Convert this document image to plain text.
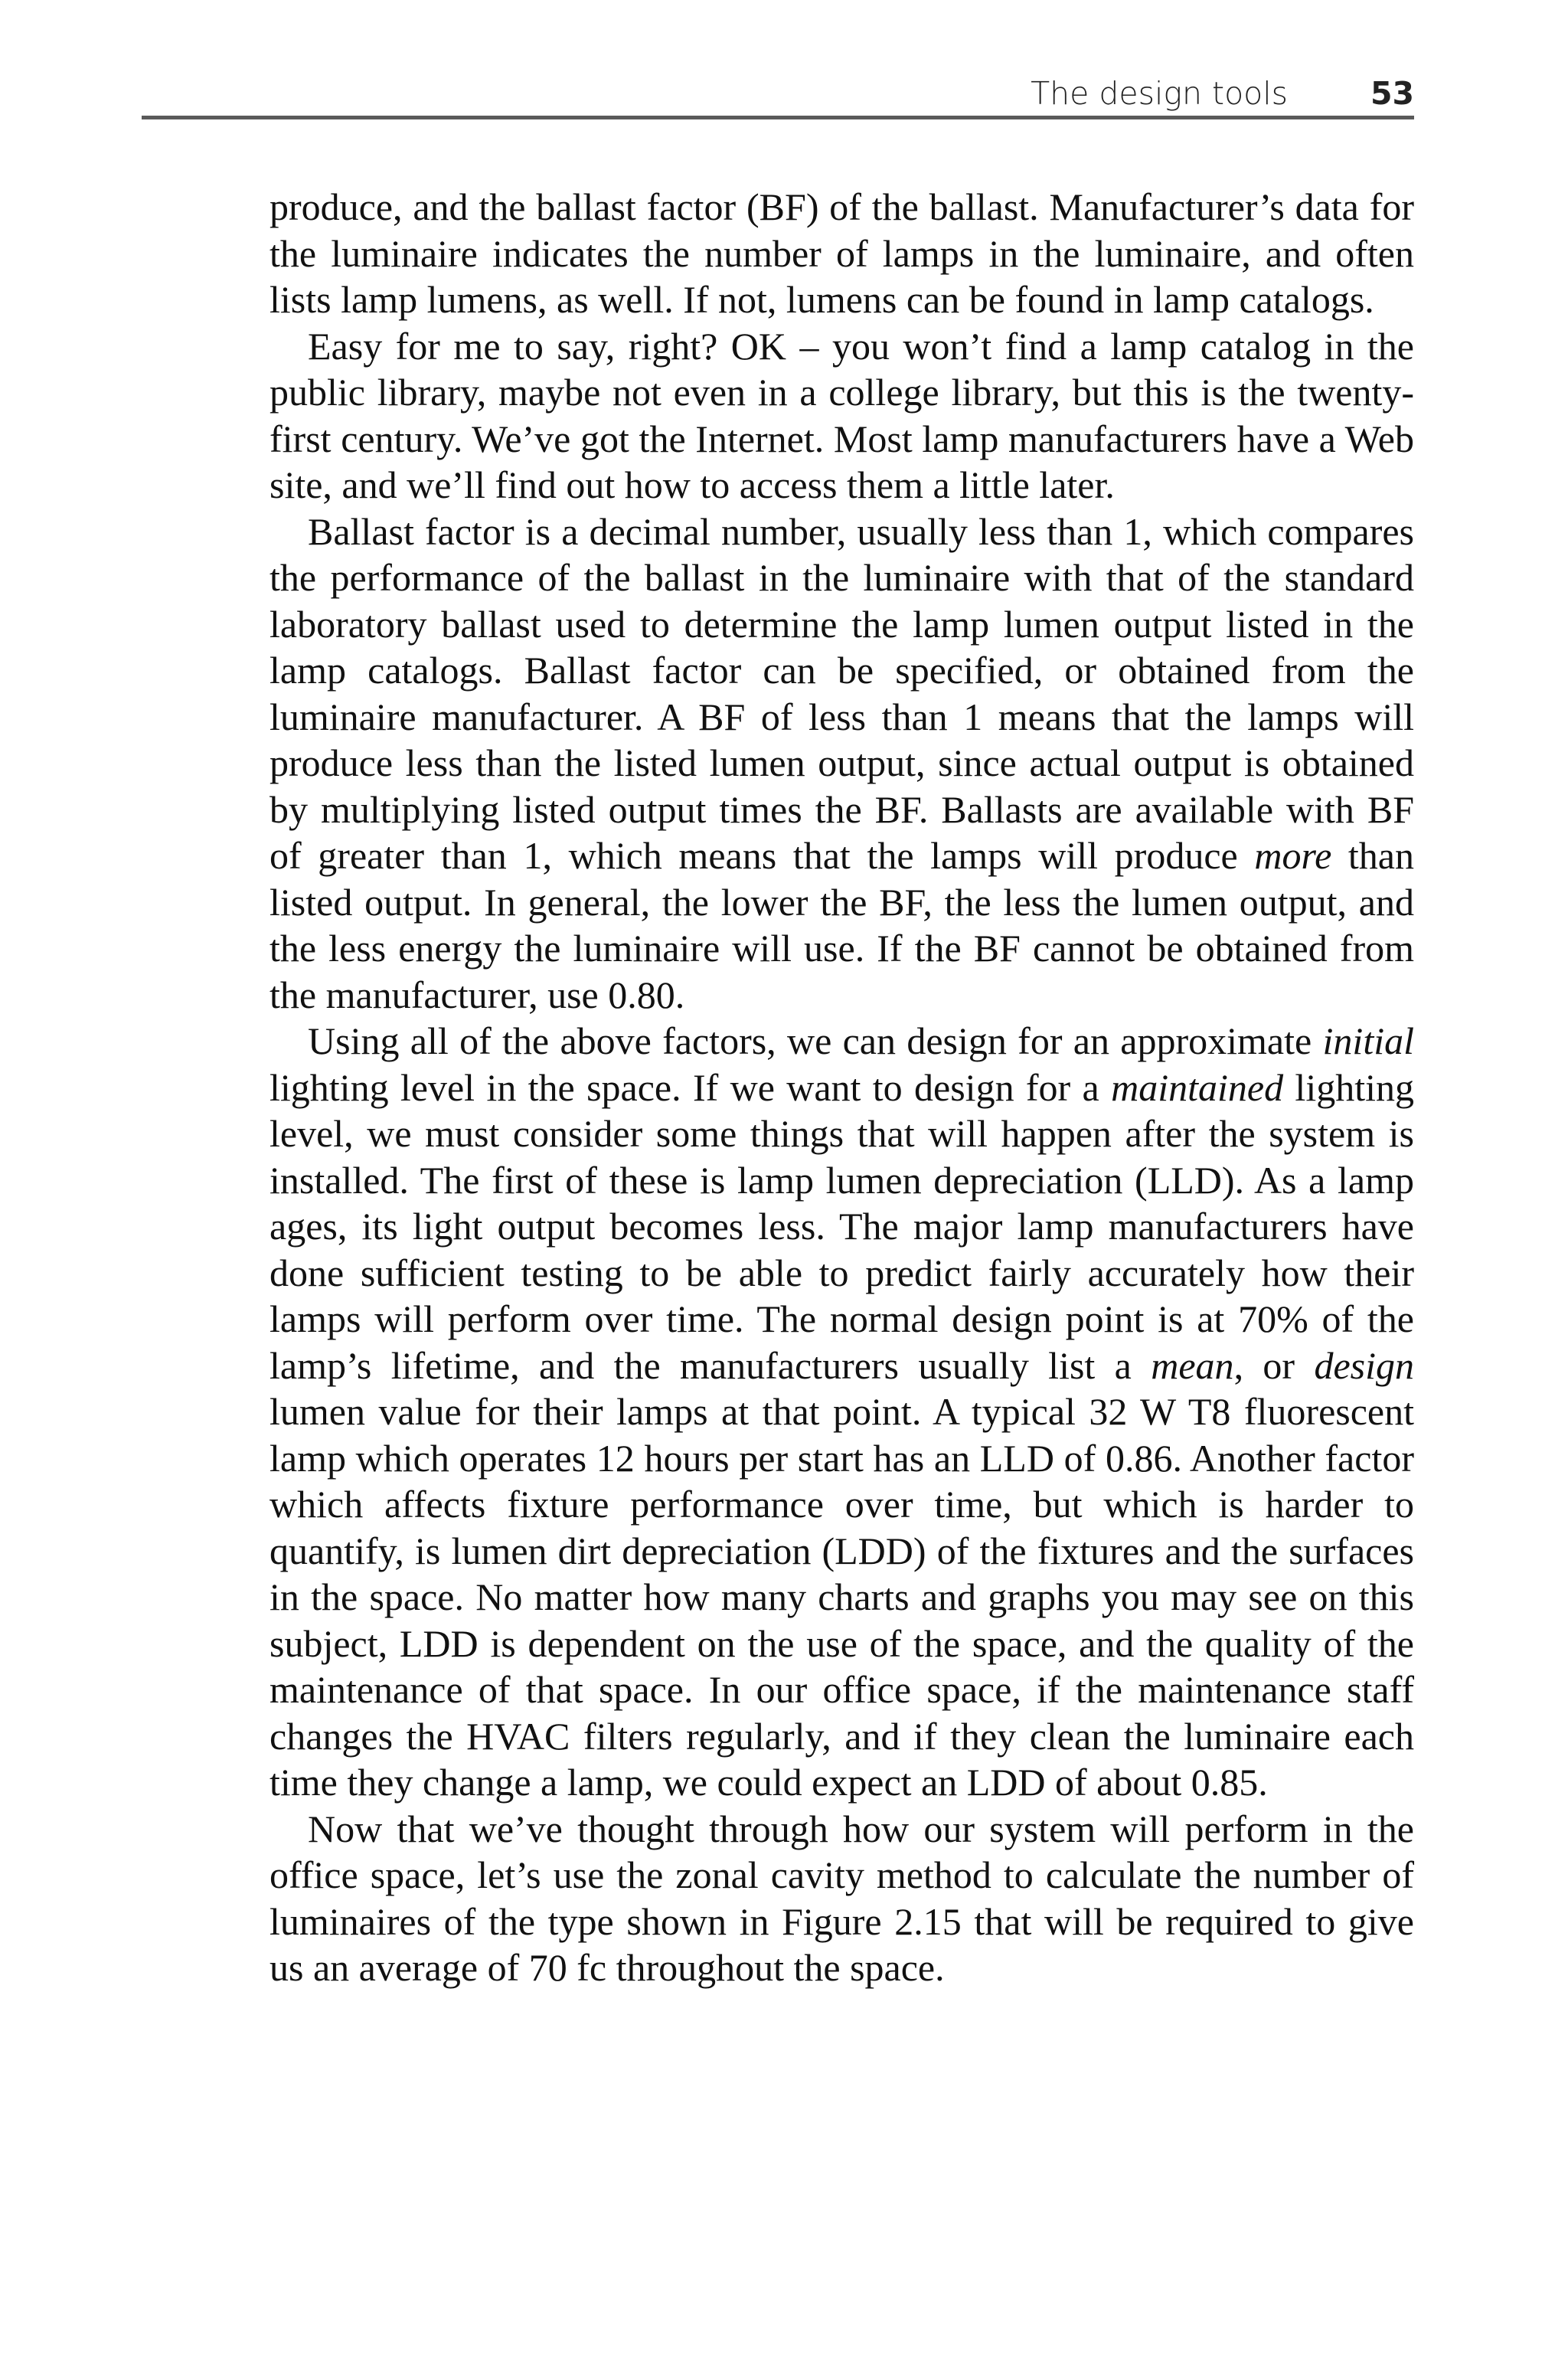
The design tools	53

produce, and the ballast factor (BF) of the ballast. Manufacturer’s data for the luminaire indicates the number of lamps in the luminaire, and often lists lamp lumens, as well. If not, lumens can be found in lamp catalogs.

Easy for me to say, right? OK – you won’t find a lamp catalog in the public library, maybe not even in a college library, but this is the twenty-first century. We’ve got the Internet. Most lamp manufacturers have a Web site, and we’ll find out how to access them a little later.

Ballast factor is a decimal number, usually less than 1, which compares the performance of the ballast in the luminaire with that of the standard laboratory ballast used to determine the lamp lumen output listed in the lamp catalogs. Ballast factor can be specified, or obtained from the luminaire manufacturer. A BF of less than 1 means that the lamps will produce less than the listed lumen output, since actual output is obtained by multiplying listed output times the BF. Ballasts are available with BF of greater than 1, which means that the lamps will produce more than listed output. In general, the lower the BF, the less the lumen output, and the less energy the luminaire will use. If the BF cannot be obtained from the manufacturer, use 0.80.

Using all of the above factors, we can design for an approximate initial lighting level in the space. If we want to design for a maintained lighting level, we must consider some things that will happen after the system is installed. The first of these is lamp lumen depreciation (LLD). As a lamp ages, its light output becomes less. The major lamp manufacturers have done sufficient testing to be able to predict fairly accurately how their lamps will perform over time. The normal design point is at 70% of the lamp’s lifetime, and the manufacturers usually list a mean, or design lumen value for their lamps at that point. A typical 32 W T8 fluorescent lamp which operates 12 hours per start has an LLD of 0.86. Another factor which affects fixture performance over time, but which is harder to quantify, is lumen dirt depreciation (LDD) of the fixtures and the surfaces in the space. No matter how many charts and graphs you may see on this subject, LDD is dependent on the use of the space, and the quality of the maintenance of that space. In our office space, if the maintenance staff changes the HVAC filters regularly, and if they clean the luminaire each time they change a lamp, we could expect an LDD of about 0.85.

Now that we’ve thought through how our system will perform in the office space, let’s use the zonal cavity method to calculate the number of luminaires of the type shown in Figure 2.15 that will be required to give us an average of 70 fc throughout the space.
